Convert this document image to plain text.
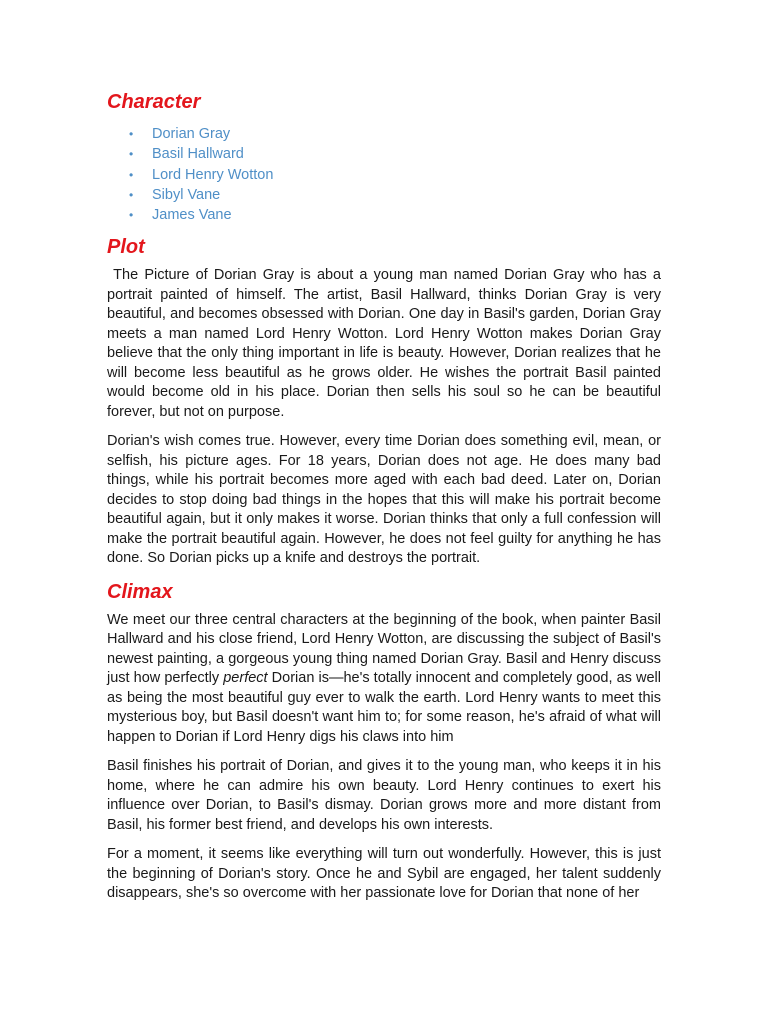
Character
• Dorian Gray
• Basil Hallward
• Lord Henry Wotton
• Sibyl Vane
• James Vane
Plot

The Picture of Dorian Gray is about a young man named Dorian Gray who has a portrait painted of himself. The artist, Basil Hallward, thinks Dorian Gray is very beautiful, and becomes obsessed with Dorian. One day in Basil's garden, Dorian Gray meets a man named Lord Henry Wotton. Lord Henry Wotton makes Dorian Gray believe that the only thing important in life is beauty. However, Dorian realizes that he will become less beautiful as he grows older. He wishes the portrait Basil painted would become old in his place. Dorian then sells his soul so he can be beautiful forever, but not on purpose.

Dorian's wish comes true. However, every time Dorian does something evil, mean, or selfish, his picture ages. For 18 years, Dorian does not age. He does many bad things, while his portrait becomes more aged with each bad deed. Later on, Dorian decides to stop doing bad things in the hopes that this will make his portrait become beautiful again, but it only makes it worse. Dorian thinks that only a full confession will make the portrait beautiful again. However, he does not feel guilty for anything he has done. So Dorian picks up a knife and destroys the portrait.

Climax

We meet our three central characters at the beginning of the book, when painter Basil Hallward and his close friend, Lord Henry Wotton, are discussing the subject of Basil's newest painting, a gorgeous young thing named Dorian Gray. Basil and Henry discuss just how perfectly perfect Dorian is—he's totally innocent and completely good, as well as being the most beautiful guy ever to walk the earth. Lord Henry wants to meet this mysterious boy, but Basil doesn't want him to; for some reason, he's afraid of what will happen to Dorian if Lord Henry digs his claws into him

Basil finishes his portrait of Dorian, and gives it to the young man, who keeps it in his home, where he can admire his own beauty. Lord Henry continues to exert his influence over Dorian, to Basil's dismay. Dorian grows more and more distant from Basil, his former best friend, and develops his own interests.

For a moment, it seems like everything will turn out wonderfully. However, this is just the beginning of Dorian's story. Once he and Sybil are engaged, her talent suddenly disappears, she's so overcome with her passionate love for Dorian that none of her
